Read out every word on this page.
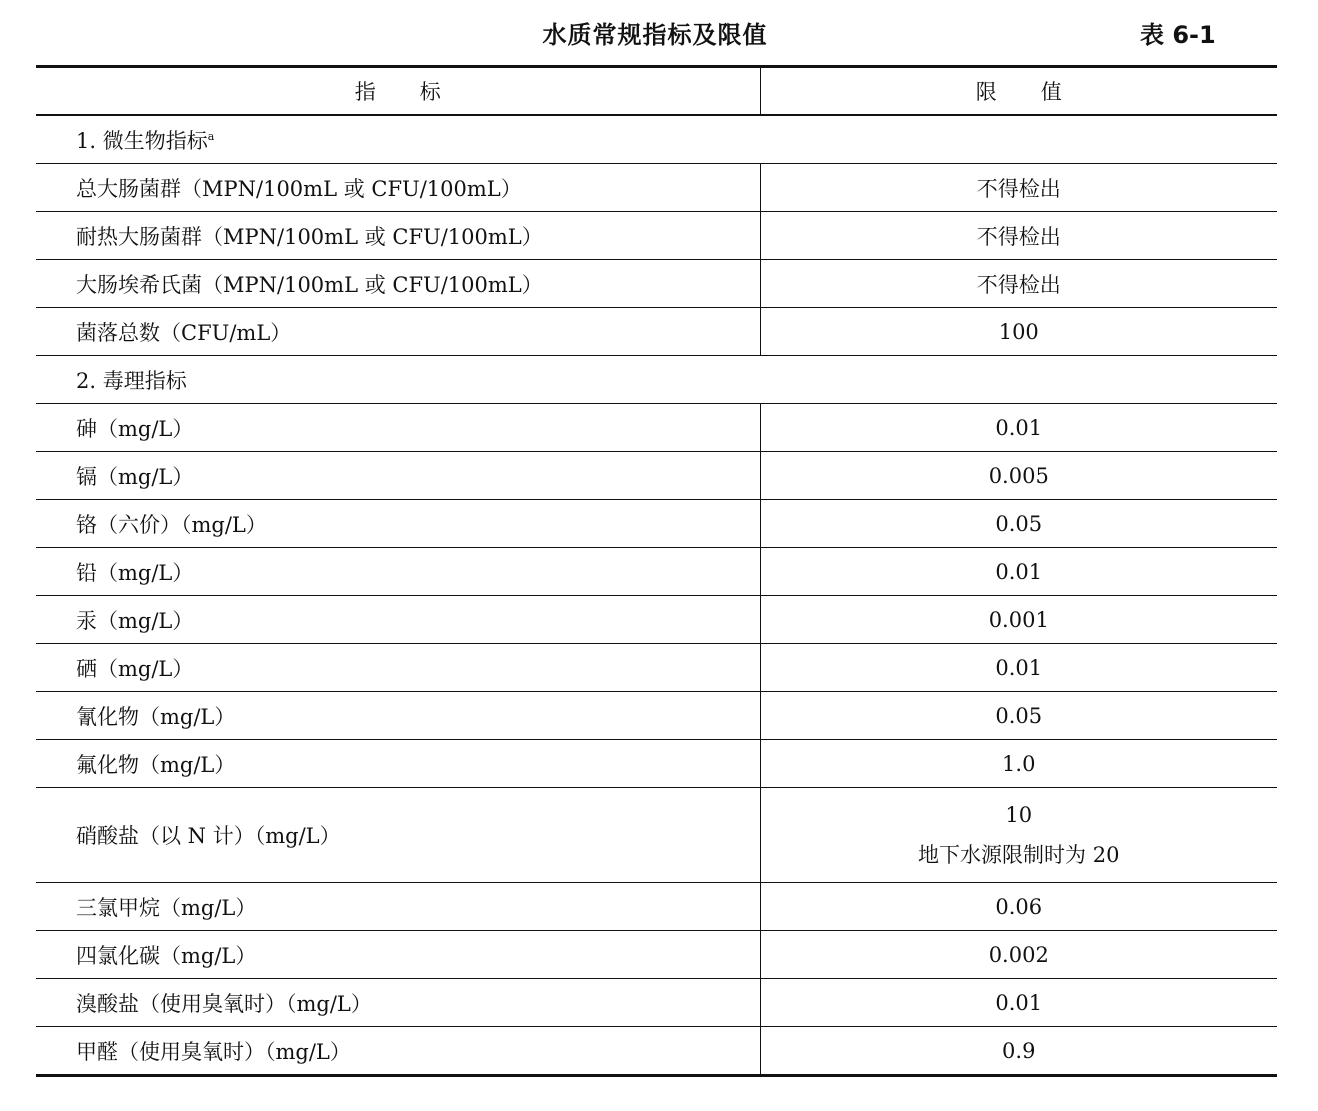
水质常规指标及限值	表 6-1
指标	限值
1. 微生物指标$^a$
总大肠菌群（MPN/100mL 或 CFU/100mL）	不得检出
耐热大肠菌群（MPN/100mL 或 CFU/100mL）	不得检出
大肠埃希氏菌（MPN/100mL 或 CFU/100mL）	不得检出
菌落总数（CFU/mL）	100
2. 毒理指标	
砷（mg/L）	0.01
镉（mg/L）	0.005
铬（六价）（mg/L）	0.05
铅（mg/L）	0.01
汞（mg/L）	0.001
硒（mg/L）	0.01
氰化物（mg/L）	0.05
氟化物（mg/L）	1.0
硝酸盐（以 N 计）（mg/L）	10
地下水源限制时为 20

三氯甲烷（mg/L）	0.06
四氯化碳（mg/L）	0.002
溴酸盐（使用臭氧时）（mg/L）	0.01
甲醛（使用臭氧时）（mg/L）	0.9
